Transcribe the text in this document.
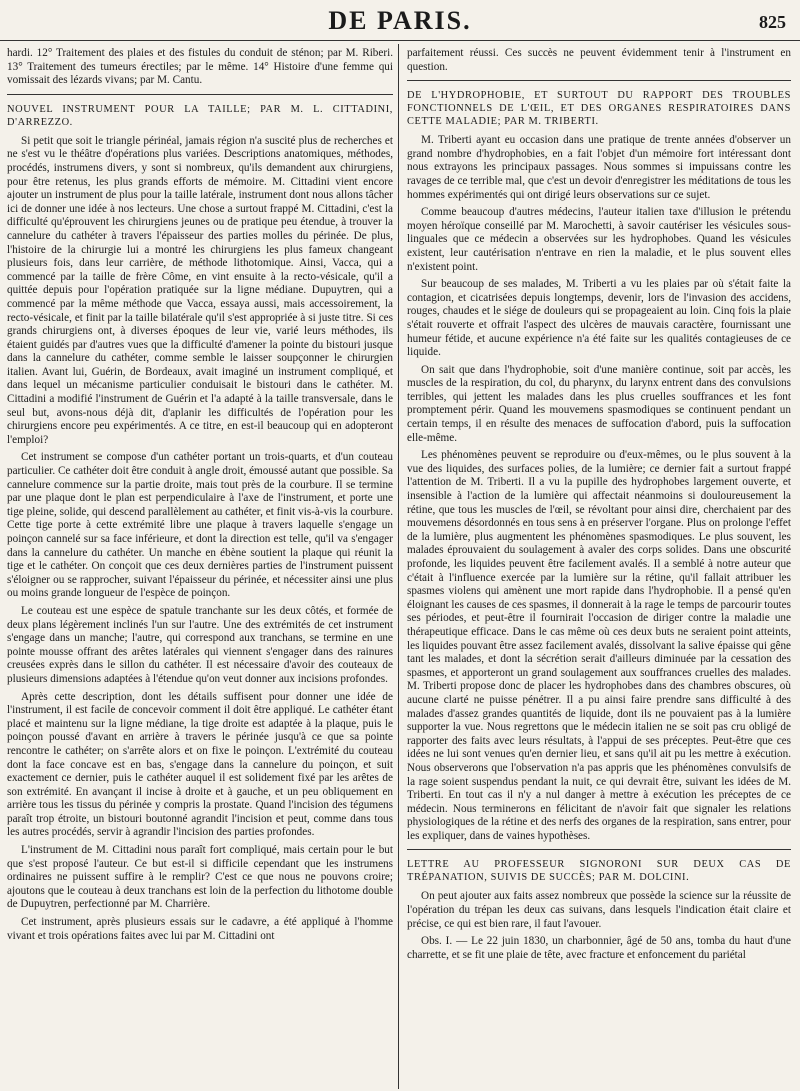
DE PARIS.	825

hardi. 12° Traitement des plaies et des fistules du conduit de sténon; par M. Riberi. 13° Traitement des tumeurs érectiles; par le même. 14° Histoire d'une femme qui vomissait des lézards vivans; par M. Cantu.

NOUVEL INSTRUMENT POUR LA TAILLE; PAR M. L. CITTADINI, D'ARREZZO.

Si petit que soit le triangle périnéal, jamais région n'a suscité plus de recherches et ne s'est vu le théâtre d'opérations plus variées. Descriptions anatomiques, méthodes, procédés, instrumens divers, y sont si nombreux, qu'ils demandent aux chirurgiens, pour être retenus, les plus grands efforts de mémoire. M. Cittadini vient encore ajouter un instrument de plus pour la taille latérale, instrument dont nous allons tâcher ici de donner une idée à nos lecteurs. Une chose a surtout frappé M. Cittadini, c'est la difficulté qu'éprouvent les chirurgiens jeunes ou de pratique peu étendue, à trouver la cannelure du cathéter à travers l'épaisseur des parties molles du périnée. De plus, l'histoire de la chirurgie lui a montré les chirurgiens les plus fameux changeant plusieurs fois, dans leur carrière, de méthode lithotomique. Ainsi, Vacca, qui a commencé par la taille de frère Côme, en vint ensuite à la recto-vésicale, qu'il a quittée depuis pour l'opération pratiquée sur la ligne médiane. Dupuytren, qui a commencé par la même méthode que Vacca, essaya aussi, mais accessoirement, la recto-vésicale, et finit par la taille bilatérale qu'il s'est appropriée à si juste titre. Si ces grands chirurgiens ont, à diverses époques de leur vie, varié leurs méthodes, ils étaient guidés par d'autres vues que la difficulté d'amener la pointe du bistouri jusque dans la cannelure du cathéter, comme semble le laisser soupçonner le chirurgien italien. Avant lui, Guérin, de Bordeaux, avait imaginé un instrument compliqué, et dans lequel un mécanisme particulier conduisait le bistouri dans le cathéter. M. Cittadini a modifié l'instrument de Guérin et l'a adapté à la taille transversale, dans le seul but, avons-nous déjà dit, d'aplanir les difficultés de l'opération pour les chirurgiens encore peu expérimentés. A ce titre, en est-il beaucoup qui en adopteront l'emploi?

Cet instrument se compose d'un cathéter portant un trois-quarts, et d'un couteau particulier. Ce cathéter doit être conduit à angle droit, émoussé autant que possible. Sa cannelure commence sur la partie droite, mais tout près de la courbure. Il se termine par une plaque dont le plan est perpendiculaire à l'axe de l'instrument, et porte une tige pleine, solide, qui descend parallèlement au cathéter, et finit vis-à-vis la courbure. Cette tige porte à cette extrémité libre une plaque à travers laquelle s'engage un poinçon cannelé sur sa face inférieure, et dont la direction est telle, qu'il va s'engager dans la cannelure du cathéter. Un manche en ébène soutient la plaque qui réunit la tige et le cathéter. On conçoit que ces deux dernières parties de l'instrument puissent s'éloigner ou se rapprocher, suivant l'épaisseur du périnée, et nécessiter ainsi une plus ou moins grande longueur de l'espèce de poinçon.

Le couteau est une espèce de spatule tranchante sur les deux côtés, et formée de deux plans légèrement inclinés l'un sur l'autre. Une des extrémités de cet instrument s'engage dans un manche; l'autre, qui correspond aux tranchans, se termine en une pointe mousse offrant des arêtes latérales qui viennent s'engager dans des rainures creusées exprès dans le sillon du cathéter. Il est nécessaire d'avoir des couteaux de plusieurs dimensions adaptées à l'étendue qu'on veut donner aux incisions profondes.

Après cette description, dont les détails suffisent pour donner une idée de l'instrument, il est facile de concevoir comment il doit être appliqué. Le cathéter étant placé et maintenu sur la ligne médiane, la tige droite est adaptée à la plaque, puis le poinçon poussé d'avant en arrière à travers le périnée jusqu'à ce que sa pointe rencontre le cathéter; on s'arrête alors et on fixe le poinçon. L'extrémité du couteau dont la face concave est en bas, s'engage dans la cannelure du poinçon, et suit exactement ce dernier, puis le cathéter auquel il est solidement fixé par les arêtes de son extrémité. En avançant il incise à droite et à gauche, et un peu obliquement en arrière tous les tissus du périnée y compris la prostate. Quand l'incision des tégumens paraît trop étroite, un bistouri boutonné agrandit l'incision et peut, comme dans tous les autres procédés, servir à agrandir l'incision des parties profondes.

L'instrument de M. Cittadini nous paraît fort compliqué, mais certain pour le but que s'est proposé l'auteur. Ce but est-il si difficile cependant que les instrumens ordinaires ne puissent suffire à le remplir? C'est ce que nous ne pouvons croire; ajoutons que le couteau à deux tranchans est loin de la perfection du lithotome double de Dupuytren, perfectionné par M. Charrière.

Cet instrument, après plusieurs essais sur le cadavre, a été appliqué à l'homme vivant et trois opérations faites avec lui par M. Cittadini ont

parfaitement réussi. Ces succès ne peuvent évidemment tenir à l'instrument en question.

DE L'HYDROPHOBIE, ET SURTOUT DU RAPPORT DES TROUBLES FONCTIONNELS DE L'ŒIL, ET DES ORGANES RESPIRATOIRES DANS CETTE MALADIE; PAR M. TRIBERTI.

M. Triberti ayant eu occasion dans une pratique de trente années d'observer un grand nombre d'hydrophobies, en a fait l'objet d'un mémoire fort intéressant dont nous extrayons les principaux passages. Nous sommes si impuissans contre les ravages de ce terrible mal, que c'est un devoir d'enregistrer les méditations de tous les hommes expérimentés qui ont dirigé leurs observations sur ce sujet.

Comme beaucoup d'autres médecins, l'auteur italien taxe d'illusion le prétendu moyen héroïque conseillé par M. Marochetti, à savoir cautériser les vésicules sous-linguales que ce médecin a observées sur les hydrophobes. Quand les vésicules existent, leur cautérisation n'entrave en rien la maladie, et le plus souvent elles n'existent point.

Sur beaucoup de ses malades, M. Triberti a vu les plaies par où s'était faite la contagion, et cicatrisées depuis longtemps, devenir, lors de l'invasion des accidens, rouges, chaudes et le siége de douleurs qui se propageaient au loin. Cinq fois la plaie s'était rouverte et offrait l'aspect des ulcères de mauvais caractère, fournissant une humeur fétide, et aucune expérience n'a été faite sur les qualités contagieuses de ce liquide.

On sait que dans l'hydrophobie, soit d'une manière continue, soit par accès, les muscles de la respiration, du col, du pharynx, du larynx entrent dans des convulsions terribles, qui jettent les malades dans les plus cruelles souffrances et les font promptement périr. Quand les mouvemens spasmodiques se continuent pendant un certain temps, il en résulte des menaces de suffocation d'abord, puis la suffocation elle-même.

Les phénomènes peuvent se reproduire ou d'eux-mêmes, ou le plus souvent à la vue des liquides, des surfaces polies, de la lumière; ce dernier fait a surtout frappé l'attention de M. Triberti. Il a vu la pupille des hydrophobes largement ouverte, et insensible à l'action de la lumière qui affectait néanmoins si douloureusement la rétine, que tous les muscles de l'œil, se révoltant pour ainsi dire, cherchaient par des mouvemens désordonnés en tous sens à en préserver l'organe. Plus on prolonge l'effet de la lumière, plus augmentent les phénomènes spasmodiques. Le plus souvent, les malades éprouvaient du soulagement à avaler des corps solides. Dans une obscurité profonde, les liquides peuvent être facilement avalés. Il a semblé à notre auteur que c'était à l'influence exercée par la lumière sur la rétine, qu'il fallait attribuer les spasmes violens qui amènent une mort rapide dans l'hydrophobie. Il a pensé qu'en éloignant les causes de ces spasmes, il donnerait à la rage le temps de parcourir toutes ses périodes, et peut-être il fournirait l'occasion de diriger contre la maladie une thérapeutique efficace. Dans le cas même où ces deux buts ne seraient point atteints, les liquides pouvant être assez facilement avalés, dissolvant la salive épaisse qui gêne tant les malades, et dont la sécrétion serait d'ailleurs diminuée par la cessation des spasmes, et apporteront un grand soulagement aux souffrances cruelles des malades. M. Triberti propose donc de placer les hydrophobes dans des chambres obscures, où aucune clarté ne puisse pénétrer. Il a pu ainsi faire prendre sans difficulté à des malades d'assez grandes quantités de liquide, dont ils ne pouvaient pas à la lumière supporter la vue. Nous regrettons que le médecin italien ne se soit pas cru obligé de rapporter des faits avec leurs résultats, à l'appui de ses préceptes. Peut-être que ces idées ne lui sont venues qu'en dernier lieu, et sans qu'il ait pu les mettre à exécution. Nous observerons que l'observation n'a pas appris que les phénomènes convulsifs de la rage soient suspendus pendant la nuit, ce qui devrait être, suivant les idées de M. Triberti. En tout cas il n'y a nul danger à mettre à exécution les préceptes de ce médecin. Nous terminerons en félicitant de n'avoir fait que signaler les relations physiologiques de la rétine et des nerfs des organes de la respiration, sans entrer, pour les expliquer, dans de vaines hypothèses.

LETTRE AU PROFESSEUR SIGNORONI SUR DEUX CAS DE TRÉPANATION, SUIVIS DE SUCCÈS; PAR M. DOLCINI.

On peut ajouter aux faits assez nombreux que possède la science sur la réussite de l'opération du trépan les deux cas suivans, dans lesquels l'indication était claire et précise, ce qui est bien rare, il faut l'avouer.

Obs. I. — Le 22 juin 1830, un charbonnier, âgé de 50 ans, tomba du haut d'une charrette, et se fit une plaie de tête, avec fracture et enfoncement du pariétal
